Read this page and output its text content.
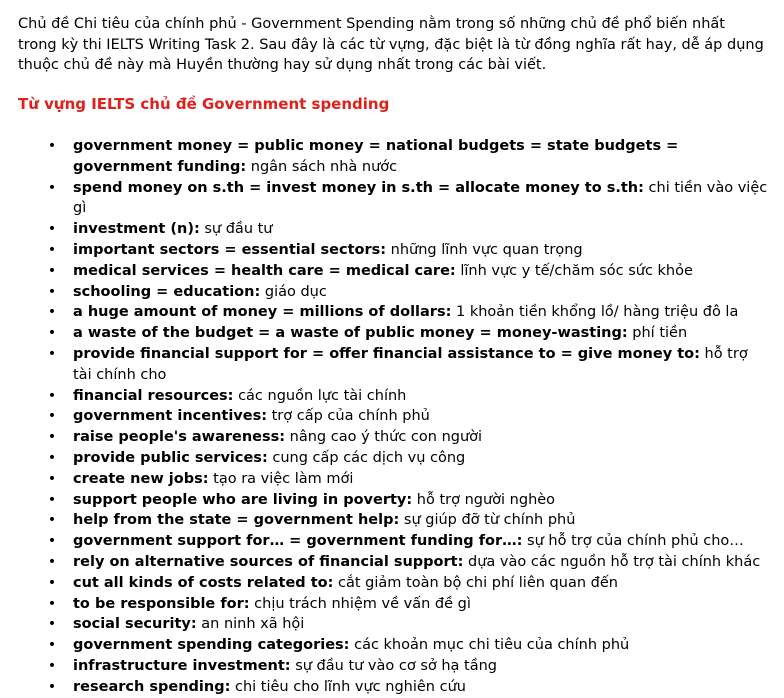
Chủ đề Chi tiêu của chính phủ - Government Spending nằm trong số những chủ đề phổ biến nhất trong kỳ thi IELTS Writing Task 2. Sau đây là các từ vựng, đặc biệt là từ đồng nghĩa rất hay, dễ áp dụng thuộc chủ đề này mà Huyền thường hay sử dụng nhất trong các bài viết.

Từ vựng IELTS chủ đề Government spending
• government money = public money = national budgets = state budgets = government funding: ngân sách nhà nước
• spend money on s.th = invest money in s.th = allocate money to s.th: chi tiền vào việc gì
• investment (n): sự đầu tư
• important sectors = essential sectors: những lĩnh vực quan trọng
• medical services = health care = medical care: lĩnh vực y tế/chăm sóc sức khỏe
• schooling = education: giáo dục
• a huge amount of money = millions of dollars: 1 khoản tiền khổng lồ/ hàng triệu đô la
• a waste of the budget = a waste of public money = money-wasting: phí tiền
• provide financial support for = offer financial assistance to = give money to: hỗ trợ tài chính cho
• financial resources: các nguồn lực tài chính
• government incentives: trợ cấp của chính phủ
• raise people's awareness: nâng cao ý thức con người
• provide public services: cung cấp các dịch vụ công
• create new jobs: tạo ra việc làm mới
• support people who are living in poverty: hỗ trợ người nghèo
• help from the state = government help: sự giúp đỡ từ chính phủ
• government support for… = government funding for…: sự hỗ trợ của chính phủ cho…
• rely on alternative sources of financial support: dựa vào các nguồn hỗ trợ tài chính khác
• cut all kinds of costs related to: cắt giảm toàn bộ chi phí liên quan đến
• to be responsible for: chịu trách nhiệm về vấn đề gì
• social security: an ninh xã hội
• government spending categories: các khoản mục chi tiêu của chính phủ
• infrastructure investment: sự đầu tư vào cơ sở hạ tầng
• research spending: chi tiêu cho lĩnh vực nghiên cứu
